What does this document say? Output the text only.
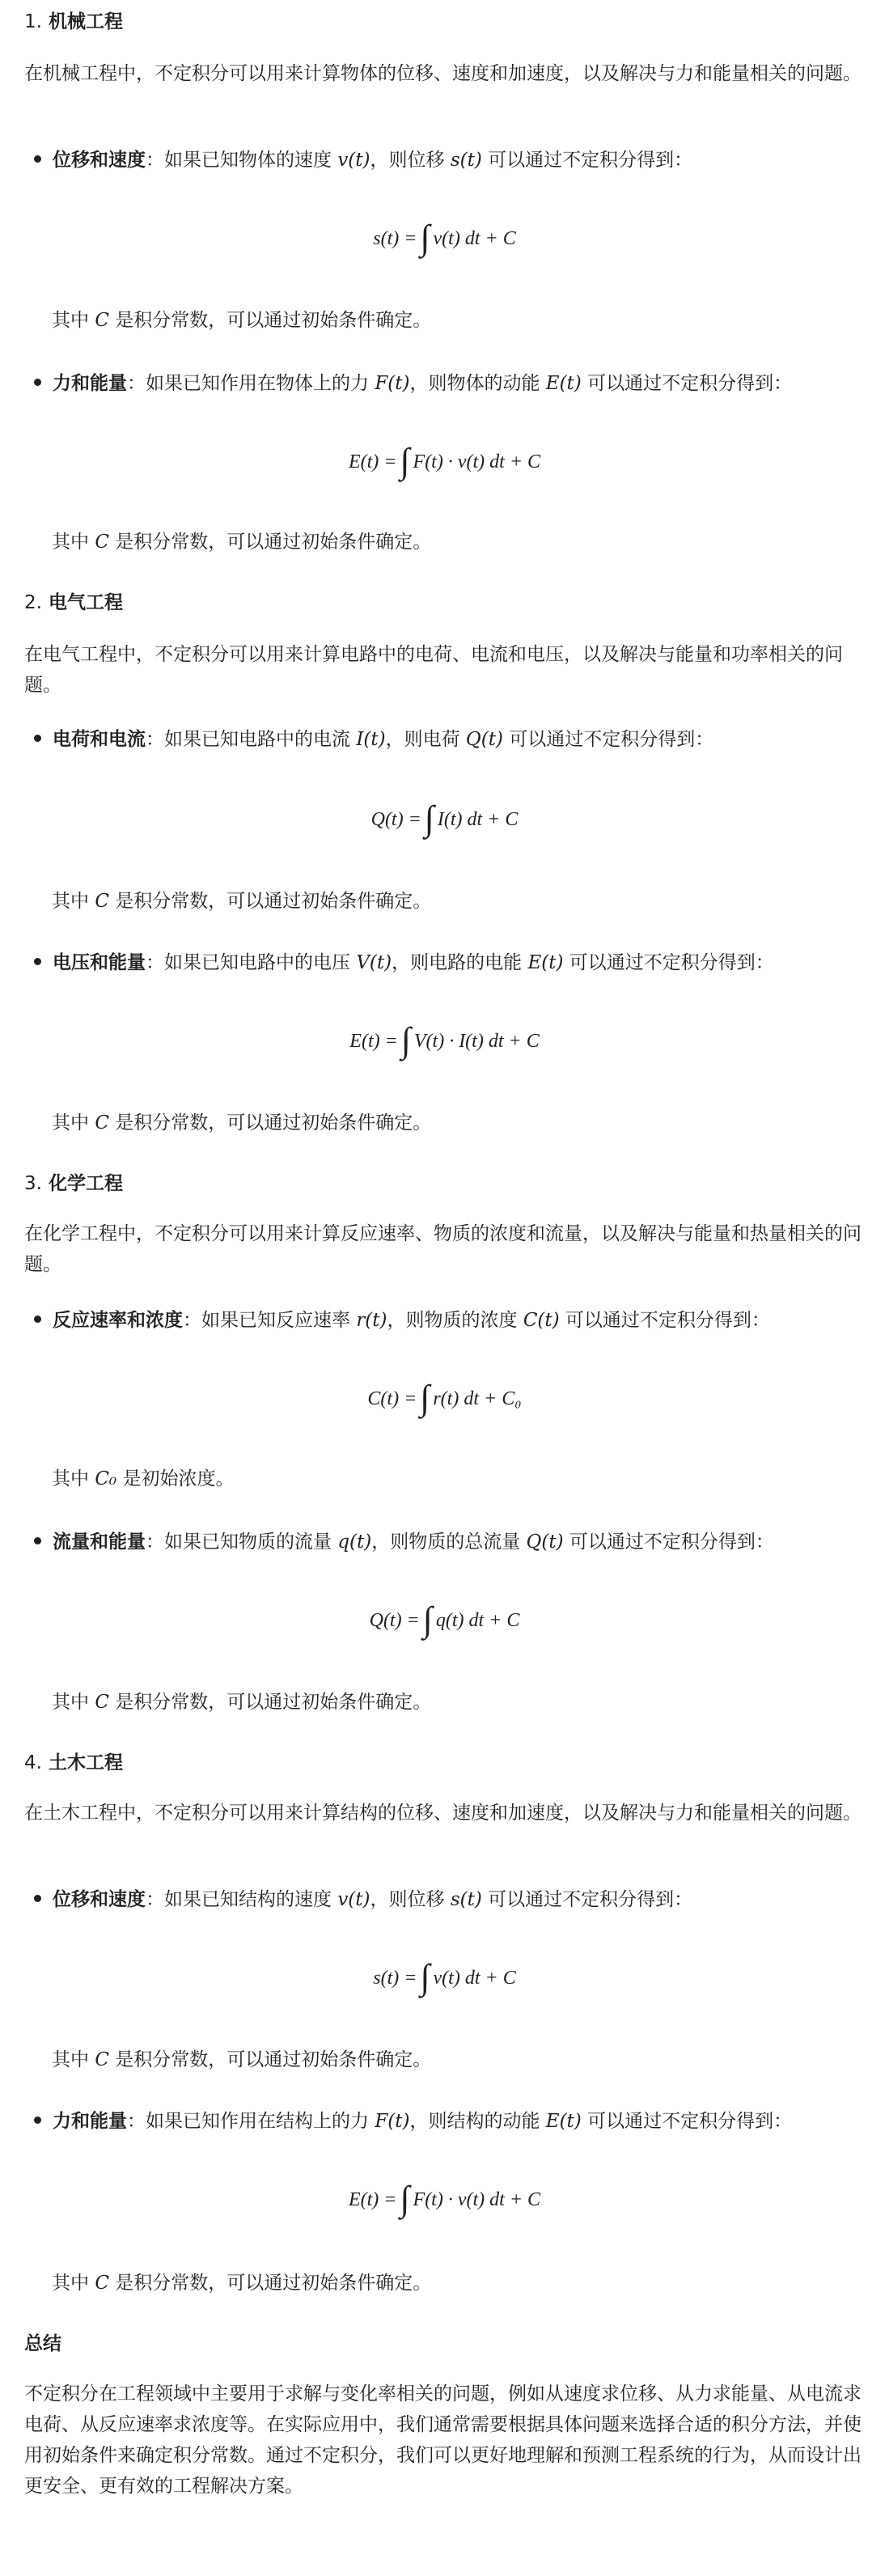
1. 机械工程

在机械工程中，不定积分可以用来计算物体的位移、速度和加速度，以及解决与力和能量相关的问题。

位移和速度：如果已知物体的速度 v(t)，则位移 s(t) 可以通过不定积分得到：
s(t) =∫ v(t) dt + C
其中 C 是积分常数，可以通过初始条件确定。
力和能量：如果已知作用在物体上的力 F(t)，则物体的动能 E(t) 可以通过不定积分得到：
E(t) =∫ F(t) · v(t) dt + C
其中 C 是积分常数，可以通过初始条件确定。
2. 电气工程

在电气工程中，不定积分可以用来计算电路中的电荷、电流和电压，以及解决与能量和功率相关的问题。

电荷和电流：如果已知电路中的电流 I(t)，则电荷 Q(t) 可以通过不定积分得到：
Q(t) =∫ I(t) dt + C
其中 C 是积分常数，可以通过初始条件确定。
电压和能量：如果已知电路中的电压 V(t)，则电路的电能 E(t) 可以通过不定积分得到：
E(t) =∫ V(t) · I(t) dt + C
其中 C 是积分常数，可以通过初始条件确定。
3. 化学工程

在化学工程中，不定积分可以用来计算反应速率、物质的浓度和流量，以及解决与能量和热量相关的问题。

反应速率和浓度：如果已知反应速率 r(t)，则物质的浓度 C(t) 可以通过不定积分得到：
C(t) =∫ r(t) dt + C₀
其中 C₀ 是初始浓度。
流量和能量：如果已知物质的流量 q(t)，则物质的总流量 Q(t) 可以通过不定积分得到：
Q(t) =∫ q(t) dt + C
其中 C 是积分常数，可以通过初始条件确定。
4. 土木工程

在土木工程中，不定积分可以用来计算结构的位移、速度和加速度，以及解决与力和能量相关的问题。

位移和速度：如果已知结构的速度 v(t)，则位移 s(t) 可以通过不定积分得到：
s(t) =∫ v(t) dt + C
其中 C 是积分常数，可以通过初始条件确定。
力和能量：如果已知作用在结构上的力 F(t)，则结构的动能 E(t) 可以通过不定积分得到：
E(t) =∫ F(t) · v(t) dt + C
其中 C 是积分常数，可以通过初始条件确定。
总结

不定积分在工程领域中主要用于求解与变化率相关的问题，例如从速度求位移、从力求能量、从电流求电荷、从反应速率求浓度等。在实际应用中，我们通常需要根据具体问题来选择合适的积分方法，并使用初始条件来确定积分常数。通过不定积分，我们可以更好地理解和预测工程系统的行为，从而设计出更安全、更有效的工程解决方案。
